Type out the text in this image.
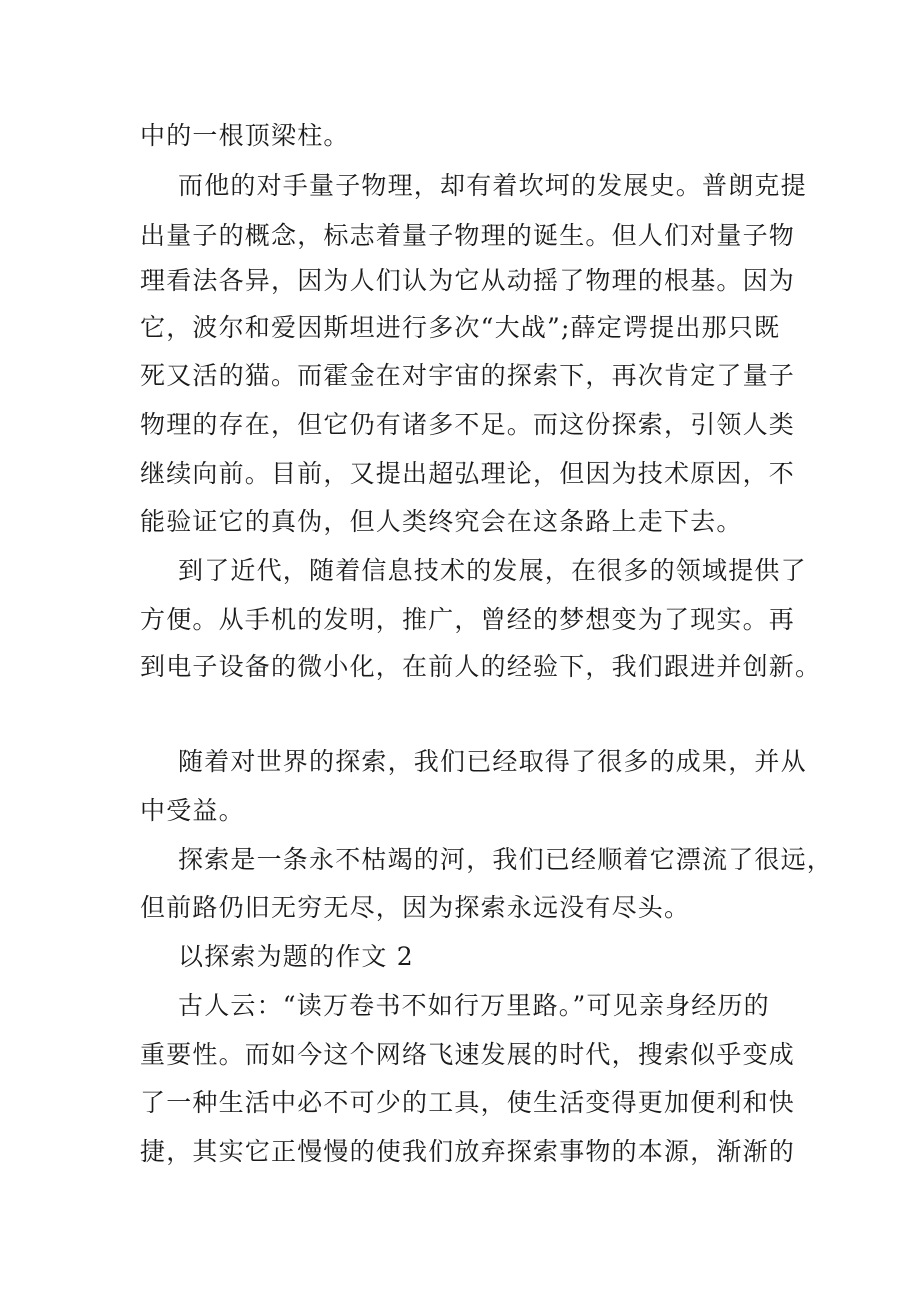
中的一根顶梁柱。
而他的对手量子物理，却有着坎坷的发展史。普朗克提
出量子的概念，标志着量子物理的诞生。但人们对量子物
理看法各异，因为人们认为它从动摇了物理的根基。因为
它，波尔和爱因斯坦进行多次“大战”;薛定谔提出那只既
死又活的猫。而霍金在对宇宙的探索下，再次肯定了量子
物理的存在，但它仍有诸多不足。而这份探索，引领人类
继续向前。目前，又提出超弘理论，但因为技术原因，不
能验证它的真伪，但人类终究会在这条路上走下去。
到了近代，随着信息技术的发展，在很多的领域提供了
方便。从手机的发明，推广，曾经的梦想变为了现实。再
到电子设备的微小化，在前人的经验下，我们跟进并创新。
随着对世界的探索，我们已经取得了很多的成果，并从
中受益。
探索是一条永不枯竭的河，我们已经顺着它漂流了很远，
但前路仍旧无穷无尽，因为探索永远没有尽头。
以探索为题的作文 2
古人云：“读万卷书不如行万里路。”可见亲身经历的
重要性。而如今这个网络飞速发展的时代，搜索似乎变成
了一种生活中必不可少的工具，使生活变得更加便利和快
捷，其实它正慢慢的使我们放弃探索事物的本源，渐渐的
